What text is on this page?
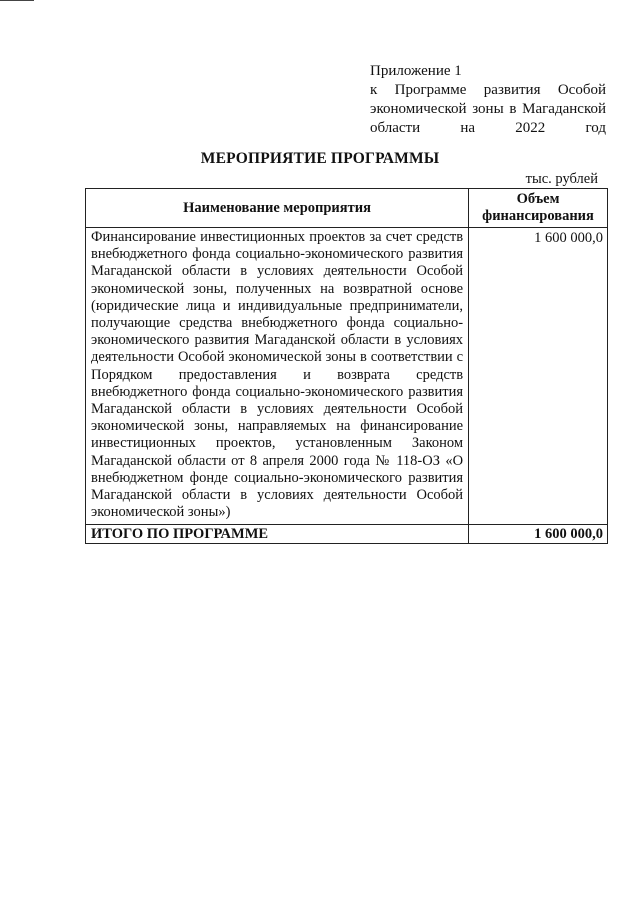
Приложение 1
к Программе развития Особой экономической зоны в Магаданской области на 2022 год
МЕРОПРИЯТИЕ ПРОГРАММЫ
тыс. рублей
Наименование мероприятия	Объем финансирования

Финансирование инвестиционных проектов за счет средств внебюджетного фонда социально-экономического развития Магаданской области в условиях деятельности Особой экономической зоны, полученных на возвратной основе (юридические лица и индивидуальные предприниматели, получающие средства внебюджетного фонда социально-экономического развития Магаданской области в условиях деятельности Особой экономической зоны в соответствии с Порядком предоставления и возврата средств внебюджетного фонда социально-экономического развития Магаданской области в условиях деятельности Особой экономической зоны, направляемых на финансирование инвестиционных проектов, установленным Законом Магаданской области от 8 апреля 2000 года № 118-ОЗ «О внебюджетном фонде социально-экономического развития Магаданской области в условиях деятельности Особой экономической зоны»)	1 600 000,0
ИТОГО ПО ПРОГРАММЕ	1 600 000,0
